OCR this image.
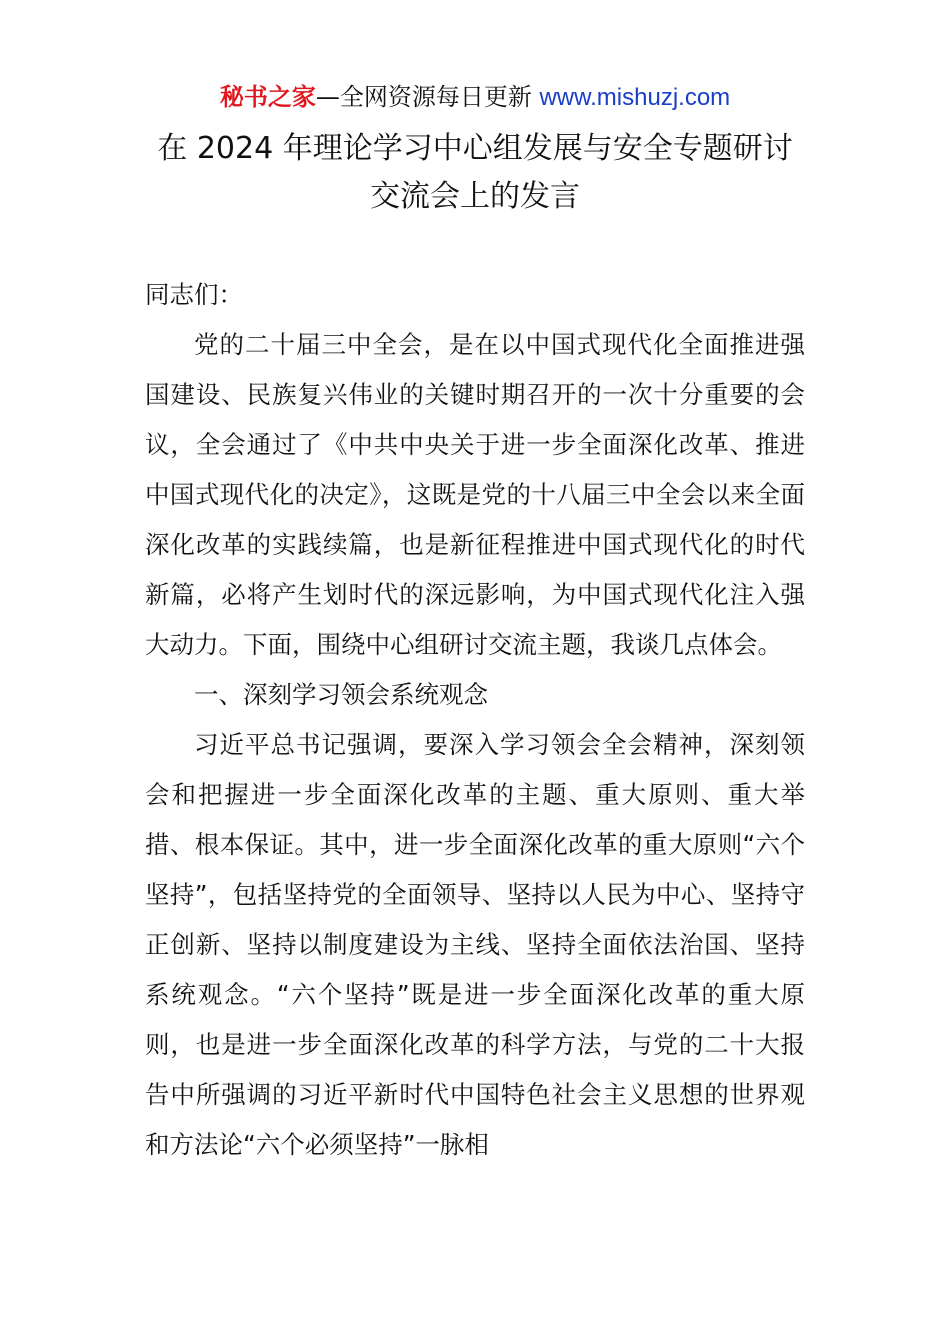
秘书之家—全网资源每日更新 www.mishuzj.com
在 2024 年理论学习中心组发展与安全专题研讨
交流会上的发言

同志们：

党的二十届三中全会，是在以中国式现代化全面推进强国建设、民族复兴伟业的关键时期召开的一次十分重要的会议，全会通过了《中共中央关于进一步全面深化改革、推进中国式现代化的决定》，这既是党的十八届三中全会以来全面深化改革的实践续篇，也是新征程推进中国式现代化的时代新篇，必将产生划时代的深远影响，为中国式现代化注入强大动力。下面，围绕中心组研讨交流主题，我谈几点体会。

一、深刻学习领会系统观念

习近平总书记强调，要深入学习领会全会精神，深刻领会和把握进一步全面深化改革的主题、重大原则、重大举措、根本保证。其中，进一步全面深化改革的重大原则“六个坚持”，包括坚持党的全面领导、坚持以人民为中心、坚持守正创新、坚持以制度建设为主线、坚持全面依法治国、坚持系统观念。“六个坚持”既是进一步全面深化改革的重大原则，也是进一步全面深化改革的科学方法，与党的二十大报告中所强调的习近平新时代中国特色社会主义思想的世界观和方法论“六个必须坚持”一脉相
